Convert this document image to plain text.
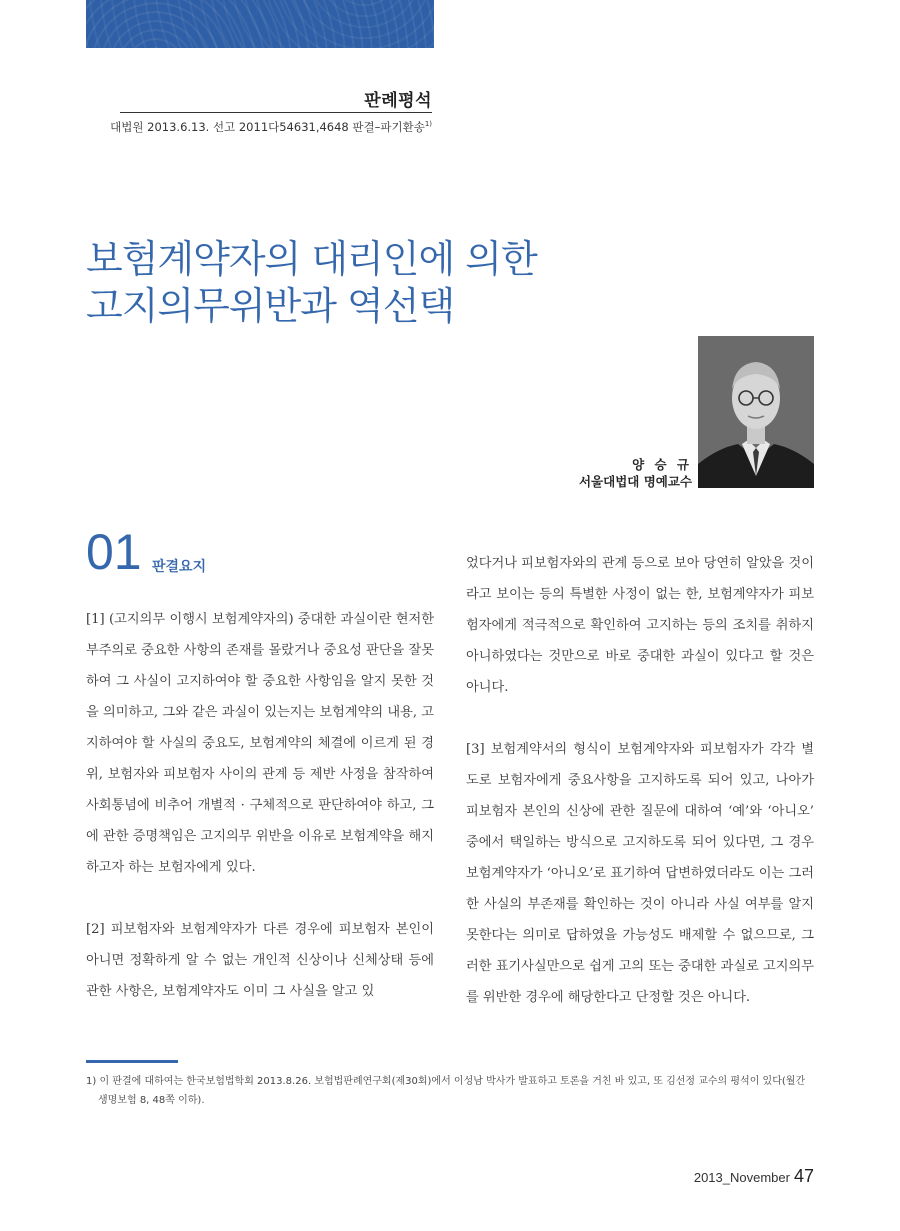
판례평석
대법원 2013.6.13. 선고 2011다54631,4648 판결–파기환송$^{1)}$
보험계약자의 대리인에 의한
고지의무위반과 역선택
양 승 규
서울대법대 명예교수
01 판결요지

[1] (고지의무 이행시 보험계약자의) 중대한 과실이란 현저한 부주의로 중요한 사항의 존재를 몰랐거나 중요성 판단을 잘못하여 그 사실이 고지하여야 할 중요한 사항임을 알지 못한 것을 의미하고, 그와 같은 과실이 있는지는 보험계약의 내용, 고지하여야 할 사실의 중요도, 보험계약의 체결에 이르게 된 경위, 보험자와 피보험자 사이의 관계 등 제반 사정을 참작하여 사회통념에 비추어 개별적 · 구체적으로 판단하여야 하고, 그에 관한 증명책임은 고지의무 위반을 이유로 보험계약을 해지하고자 하는 보험자에게 있다.

[2] 피보험자와 보험계약자가 다른 경우에 피보험자 본인이 아니면 정확하게 알 수 없는 개인적 신상이나 신체상태 등에 관한 사항은, 보험계약자도 이미 그 사실을 알고 있

었다거나 피보험자와의 관계 등으로 보아 당연히 알았을 것이라고 보이는 등의 특별한 사정이 없는 한, 보험계약자가 피보험자에게 적극적으로 확인하여 고지하는 등의 조치를 취하지 아니하였다는 것만으로 바로 중대한 과실이 있다고 할 것은 아니다.

[3] 보험계약서의 형식이 보험계약자와 피보험자가 각각 별도로 보험자에게 중요사항을 고지하도록 되어 있고, 나아가 피보험자 본인의 신상에 관한 질문에 대하여 ‘예’와 ‘아니오’ 중에서 택일하는 방식으로 고지하도록 되어 있다면, 그 경우 보험계약자가 ‘아니오’로 표기하여 답변하였더라도 이는 그러한 사실의 부존재를 확인하는 것이 아니라 사실 여부를 알지 못한다는 의미로 답하였을 가능성도 배제할 수 없으므로, 그러한 표기사실만으로 쉽게 고의 또는 중대한 과실로 고지의무를 위반한 경우에 해당한다고 단정할 것은 아니다.

1) 이 판결에 대하여는 한국보험법학회 2013.8.26. 보험법판례연구회(제30회)에서 이성남 박사가 발표하고 토론을 거친 바 있고, 또 김선정 교수의 평석이 있다(월간
생명보험 8, 48쪽 이하).
2013_November 47
